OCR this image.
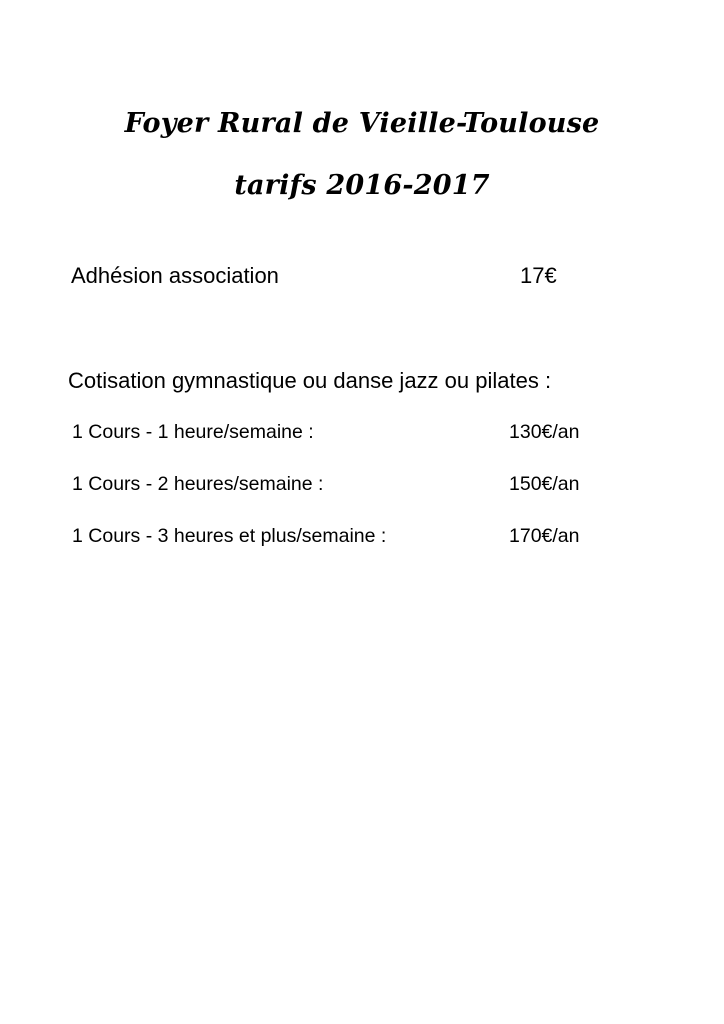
Foyer Rural de Vieille-Toulouse
tarifs 2016-2017

Adhésion association	17€

Cotisation gymnastique ou danse jazz ou pilates :

1 Cours - 1 heure/semaine :	130€/an

1 Cours - 2 heures/semaine :	150€/an

1 Cours - 3 heures et plus/semaine :	170€/an
